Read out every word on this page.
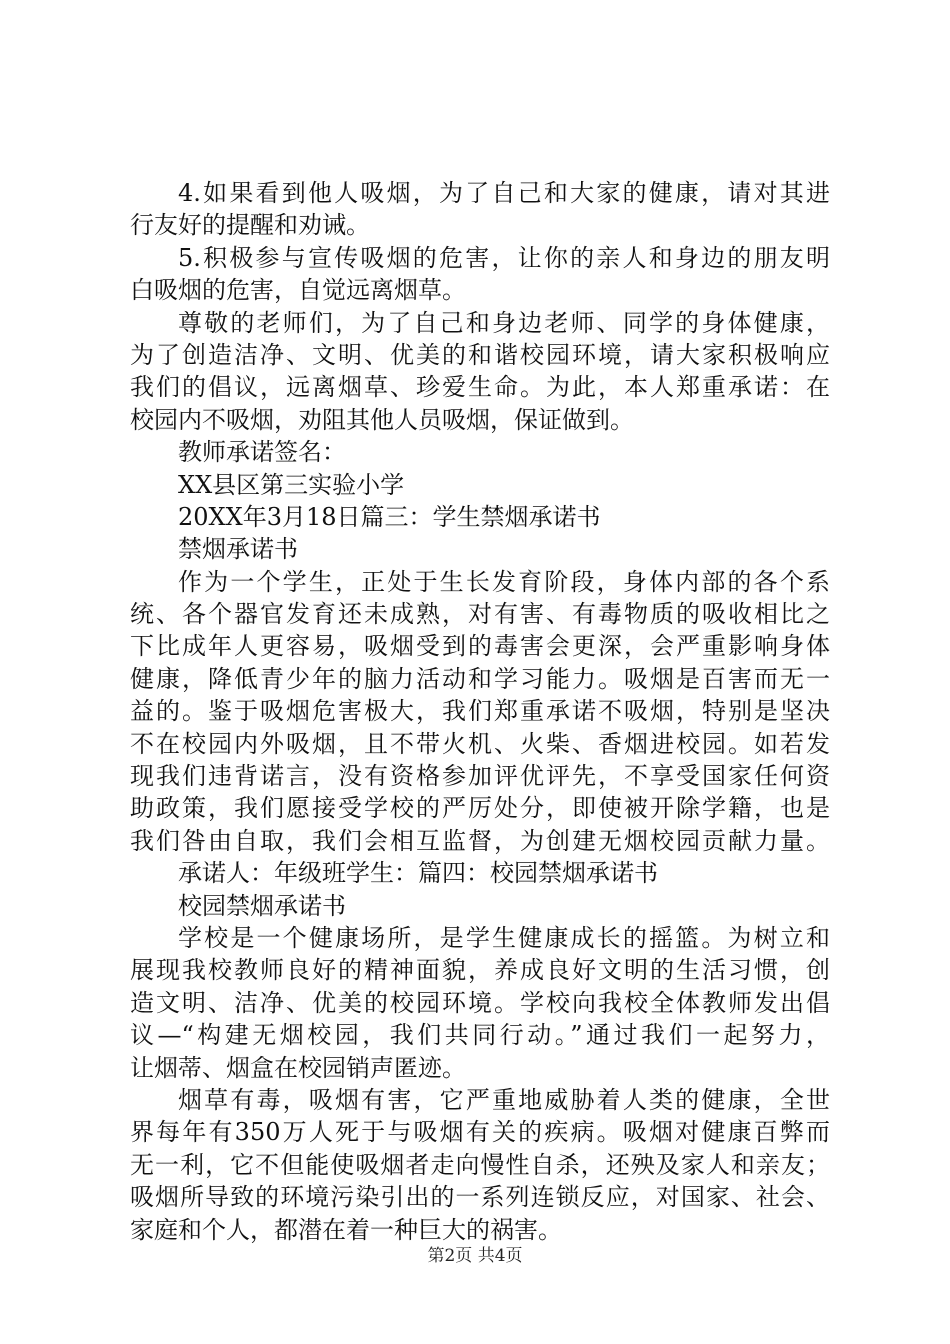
4.如果看到他人吸烟，为了自己和大家的健康，请对其进
行友好的提醒和劝诫。
5.积极参与宣传吸烟的危害，让你的亲人和身边的朋友明
白吸烟的危害，自觉远离烟草。
尊敬的老师们，为了自己和身边老师、同学的身体健康，
为了创造洁净、文明、优美的和谐校园环境，请大家积极响应
我们的倡议，远离烟草、珍爱生命。为此，本人郑重承诺：在
校园内不吸烟，劝阻其他人员吸烟，保证做到。
教师承诺签名：
XX县区第三实验小学
20XX年3月18日篇三：学生禁烟承诺书
禁烟承诺书
作为一个学生，正处于生长发育阶段，身体内部的各个系
统、各个器官发育还未成熟，对有害、有毒物质的吸收相比之
下比成年人更容易，吸烟受到的毒害会更深，会严重影响身体
健康，降低青少年的脑力活动和学习能力。吸烟是百害而无一
益的。鉴于吸烟危害极大，我们郑重承诺不吸烟，特别是坚决
不在校园内外吸烟，且不带火机、火柴、香烟进校园。如若发
现我们违背诺言，没有资格参加评优评先，不享受国家任何资
助政策，我们愿接受学校的严厉处分，即使被开除学籍，也是
我们咎由自取，我们会相互监督，为创建无烟校园贡献力量。
承诺人：年级班学生：篇四：校园禁烟承诺书
校园禁烟承诺书
学校是一个健康场所，是学生健康成长的摇篮。为树立和
展现我校教师良好的精神面貌，养成良好文明的生活习惯，创
造文明、洁净、优美的校园环境。学校向我校全体教师发出倡
议—“构建无烟校园，我们共同行动。”通过我们一起努力，
让烟蒂、烟盒在校园销声匿迹。
烟草有毒，吸烟有害，它严重地威胁着人类的健康，全世
界每年有350万人死于与吸烟有关的疾病。吸烟对健康百弊而
无一利，它不但能使吸烟者走向慢性自杀，还殃及家人和亲友；
吸烟所导致的环境污染引出的一系列连锁反应，对国家、社会、
家庭和个人，都潜在着一种巨大的祸害。
第2页 共4页
